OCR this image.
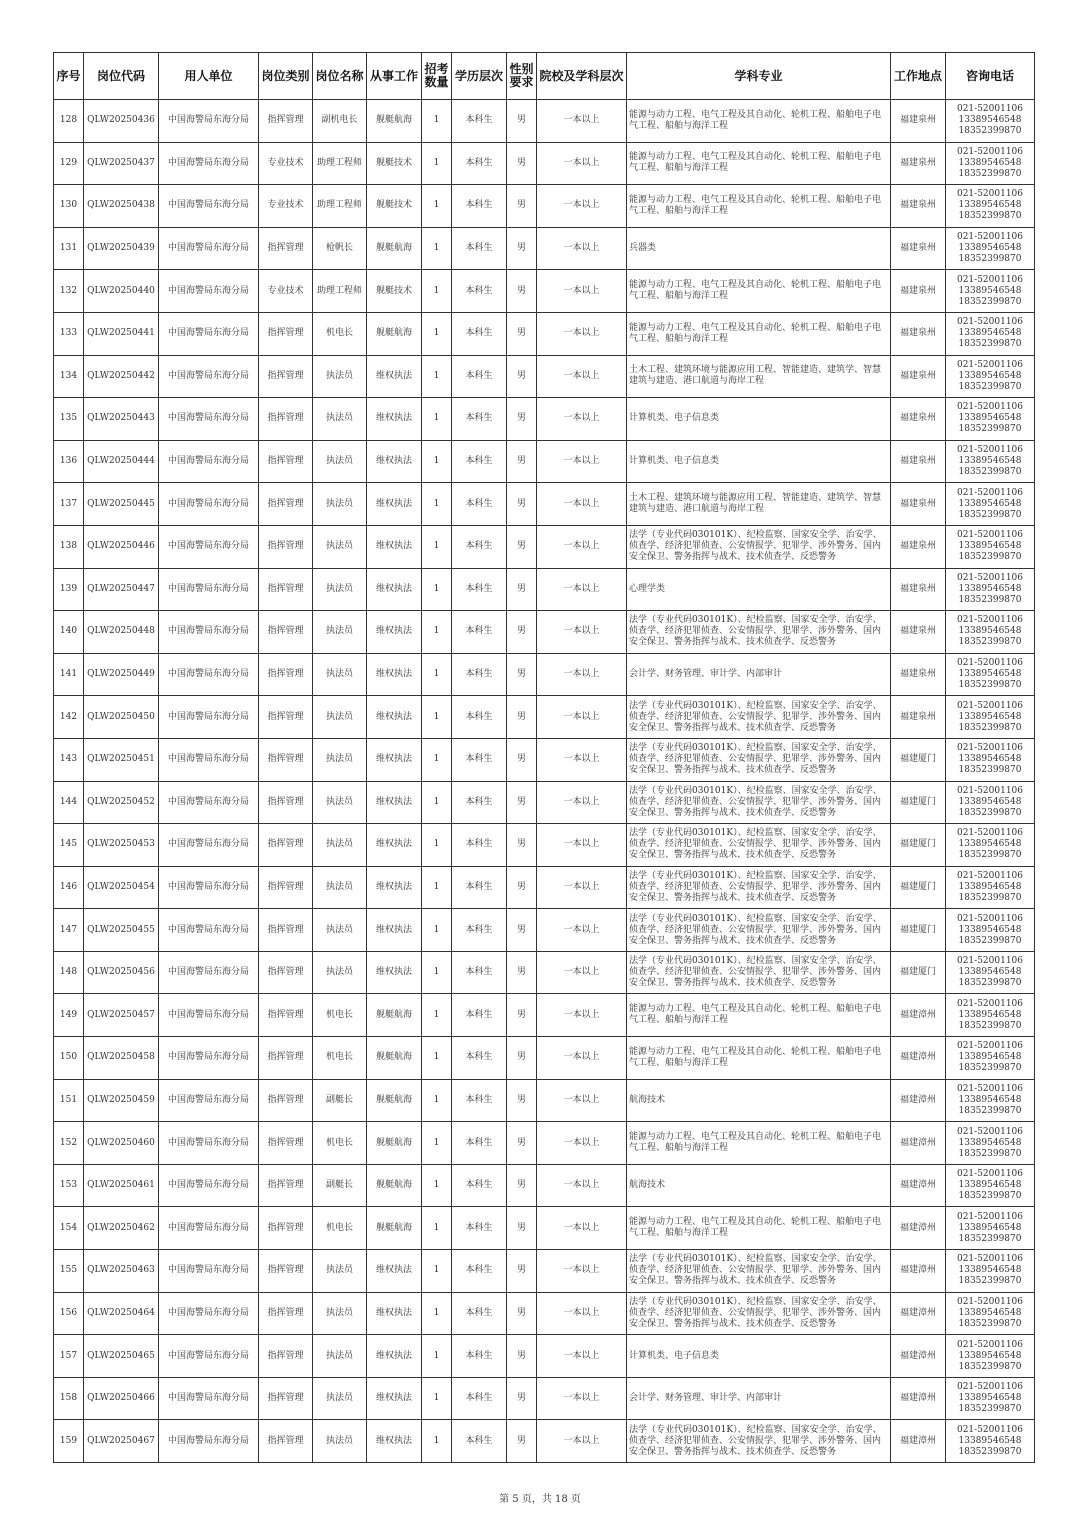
序号	岗位代码	用人单位	岗位类别	岗位名称	从事工作	招考数量	学历层次	性别要求	院校及学科层次	学科专业	工作地点	咨询电话
128	QLW20250436	中国海警局东海分局	指挥管理	副机电长	舰艇航海	1	本科生	男	一本以上	能源与动力工程、电气工程及其自动化、轮机工程、船舶电子电气工程、船舶与海洋工程	福建泉州	021-52001106
13389546548
18352399870

129	QLW20250437	中国海警局东海分局	专业技术	助理工程师	舰艇技术	1	本科生	男	一本以上	能源与动力工程、电气工程及其自动化、轮机工程、船舶电子电气工程、船舶与海洋工程	福建泉州	021-52001106
13389546548
18352399870

130	QLW20250438	中国海警局东海分局	专业技术	助理工程师	舰艇技术	1	本科生	男	一本以上	能源与动力工程、电气工程及其自动化、轮机工程、船舶电子电气工程、船舶与海洋工程	福建泉州	021-52001106
13389546548
18352399870

131	QLW20250439	中国海警局东海分局	指挥管理	枪帆长	舰艇航海	1	本科生	男	一本以上	兵器类	福建泉州	021-52001106
13389546548
18352399870

132	QLW20250440	中国海警局东海分局	专业技术	助理工程师	舰艇技术	1	本科生	男	一本以上	能源与动力工程、电气工程及其自动化、轮机工程、船舶电子电气工程、船舶与海洋工程	福建泉州	021-52001106
13389546548
18352399870

133	QLW20250441	中国海警局东海分局	指挥管理	机电长	舰艇航海	1	本科生	男	一本以上	能源与动力工程、电气工程及其自动化、轮机工程、船舶电子电气工程、船舶与海洋工程	福建泉州	021-52001106
13389546548
18352399870

134	QLW20250442	中国海警局东海分局	指挥管理	执法员	维权执法	1	本科生	男	一本以上	土木工程、建筑环境与能源应用工程、智能建造、建筑学、智慧建筑与建造、港口航道与海岸工程	福建泉州	021-52001106
13389546548
18352399870

135	QLW20250443	中国海警局东海分局	指挥管理	执法员	维权执法	1	本科生	男	一本以上	计算机类、电子信息类	福建泉州	021-52001106
13389546548
18352399870

136	QLW20250444	中国海警局东海分局	指挥管理	执法员	维权执法	1	本科生	男	一本以上	计算机类、电子信息类	福建泉州	021-52001106
13389546548
18352399870

137	QLW20250445	中国海警局东海分局	指挥管理	执法员	维权执法	1	本科生	男	一本以上	土木工程、建筑环境与能源应用工程、智能建造、建筑学、智慧建筑与建造、港口航道与海岸工程	福建泉州	021-52001106
13389546548
18352399870

138	QLW20250446	中国海警局东海分局	指挥管理	执法员	维权执法	1	本科生	男	一本以上	法学（专业代码030101K）、纪检监察、国家安全学、治安学、侦查学、经济犯罪侦查、公安情报学、犯罪学、涉外警务、国内安全保卫、警务指挥与战术、技术侦查学、反恐警务	福建泉州	021-52001106
13389546548
18352399870

139	QLW20250447	中国海警局东海分局	指挥管理	执法员	维权执法	1	本科生	男	一本以上	心理学类	福建泉州	021-52001106
13389546548
18352399870

140	QLW20250448	中国海警局东海分局	指挥管理	执法员	维权执法	1	本科生	男	一本以上	法学（专业代码030101K）、纪检监察、国家安全学、治安学、侦查学、经济犯罪侦查、公安情报学、犯罪学、涉外警务、国内安全保卫、警务指挥与战术、技术侦查学、反恐警务	福建泉州	021-52001106
13389546548
18352399870

141	QLW20250449	中国海警局东海分局	指挥管理	执法员	维权执法	1	本科生	男	一本以上	会计学、财务管理、审计学、内部审计	福建泉州	021-52001106
13389546548
18352399870

142	QLW20250450	中国海警局东海分局	指挥管理	执法员	维权执法	1	本科生	男	一本以上	法学（专业代码030101K）、纪检监察、国家安全学、治安学、侦查学、经济犯罪侦查、公安情报学、犯罪学、涉外警务、国内安全保卫、警务指挥与战术、技术侦查学、反恐警务	福建泉州	021-52001106
13389546548
18352399870

143	QLW20250451	中国海警局东海分局	指挥管理	执法员	维权执法	1	本科生	男	一本以上	法学（专业代码030101K）、纪检监察、国家安全学、治安学、侦查学、经济犯罪侦查、公安情报学、犯罪学、涉外警务、国内安全保卫、警务指挥与战术、技术侦查学、反恐警务	福建厦门	021-52001106
13389546548
18352399870

144	QLW20250452	中国海警局东海分局	指挥管理	执法员	维权执法	1	本科生	男	一本以上	法学（专业代码030101K）、纪检监察、国家安全学、治安学、侦查学、经济犯罪侦查、公安情报学、犯罪学、涉外警务、国内安全保卫、警务指挥与战术、技术侦查学、反恐警务	福建厦门	021-52001106
13389546548
18352399870

145	QLW20250453	中国海警局东海分局	指挥管理	执法员	维权执法	1	本科生	男	一本以上	法学（专业代码030101K）、纪检监察、国家安全学、治安学、侦查学、经济犯罪侦查、公安情报学、犯罪学、涉外警务、国内安全保卫、警务指挥与战术、技术侦查学、反恐警务	福建厦门	021-52001106
13389546548
18352399870

146	QLW20250454	中国海警局东海分局	指挥管理	执法员	维权执法	1	本科生	男	一本以上	法学（专业代码030101K）、纪检监察、国家安全学、治安学、侦查学、经济犯罪侦查、公安情报学、犯罪学、涉外警务、国内安全保卫、警务指挥与战术、技术侦查学、反恐警务	福建厦门	021-52001106
13389546548
18352399870

147	QLW20250455	中国海警局东海分局	指挥管理	执法员	维权执法	1	本科生	男	一本以上	法学（专业代码030101K）、纪检监察、国家安全学、治安学、侦查学、经济犯罪侦查、公安情报学、犯罪学、涉外警务、国内安全保卫、警务指挥与战术、技术侦查学、反恐警务	福建厦门	021-52001106
13389546548
18352399870

148	QLW20250456	中国海警局东海分局	指挥管理	执法员	维权执法	1	本科生	男	一本以上	法学（专业代码030101K）、纪检监察、国家安全学、治安学、侦查学、经济犯罪侦查、公安情报学、犯罪学、涉外警务、国内安全保卫、警务指挥与战术、技术侦查学、反恐警务	福建厦门	021-52001106
13389546548
18352399870

149	QLW20250457	中国海警局东海分局	指挥管理	机电长	舰艇航海	1	本科生	男	一本以上	能源与动力工程、电气工程及其自动化、轮机工程、船舶电子电气工程、船舶与海洋工程	福建漳州	021-52001106
13389546548
18352399870

150	QLW20250458	中国海警局东海分局	指挥管理	机电长	舰艇航海	1	本科生	男	一本以上	能源与动力工程、电气工程及其自动化、轮机工程、船舶电子电气工程、船舶与海洋工程	福建漳州	021-52001106
13389546548
18352399870

151	QLW20250459	中国海警局东海分局	指挥管理	副艇长	舰艇航海	1	本科生	男	一本以上	航海技术	福建漳州	021-52001106
13389546548
18352399870

152	QLW20250460	中国海警局东海分局	指挥管理	机电长	舰艇航海	1	本科生	男	一本以上	能源与动力工程、电气工程及其自动化、轮机工程、船舶电子电气工程、船舶与海洋工程	福建漳州	021-52001106
13389546548
18352399870

153	QLW20250461	中国海警局东海分局	指挥管理	副艇长	舰艇航海	1	本科生	男	一本以上	航海技术	福建漳州	021-52001106
13389546548
18352399870

154	QLW20250462	中国海警局东海分局	指挥管理	机电长	舰艇航海	1	本科生	男	一本以上	能源与动力工程、电气工程及其自动化、轮机工程、船舶电子电气工程、船舶与海洋工程	福建漳州	021-52001106
13389546548
18352399870

155	QLW20250463	中国海警局东海分局	指挥管理	执法员	维权执法	1	本科生	男	一本以上	法学（专业代码030101K）、纪检监察、国家安全学、治安学、侦查学、经济犯罪侦查、公安情报学、犯罪学、涉外警务、国内安全保卫、警务指挥与战术、技术侦查学、反恐警务	福建漳州	021-52001106
13389546548
18352399870

156	QLW20250464	中国海警局东海分局	指挥管理	执法员	维权执法	1	本科生	男	一本以上	法学（专业代码030101K）、纪检监察、国家安全学、治安学、侦查学、经济犯罪侦查、公安情报学、犯罪学、涉外警务、国内安全保卫、警务指挥与战术、技术侦查学、反恐警务	福建漳州	021-52001106
13389546548
18352399870

157	QLW20250465	中国海警局东海分局	指挥管理	执法员	维权执法	1	本科生	男	一本以上	计算机类、电子信息类	福建漳州	021-52001106
13389546548
18352399870

158	QLW20250466	中国海警局东海分局	指挥管理	执法员	维权执法	1	本科生	男	一本以上	会计学、财务管理、审计学、内部审计	福建漳州	021-52001106
13389546548
18352399870

159	QLW20250467	中国海警局东海分局	指挥管理	执法员	维权执法	1	本科生	男	一本以上	法学（专业代码030101K）、纪检监察、国家安全学、治安学、侦查学、经济犯罪侦查、公安情报学、犯罪学、涉外警务、国内安全保卫、警务指挥与战术、技术侦查学、反恐警务	福建漳州	021-52001106
13389546548
18352399870
第 5 页，共 18 页
